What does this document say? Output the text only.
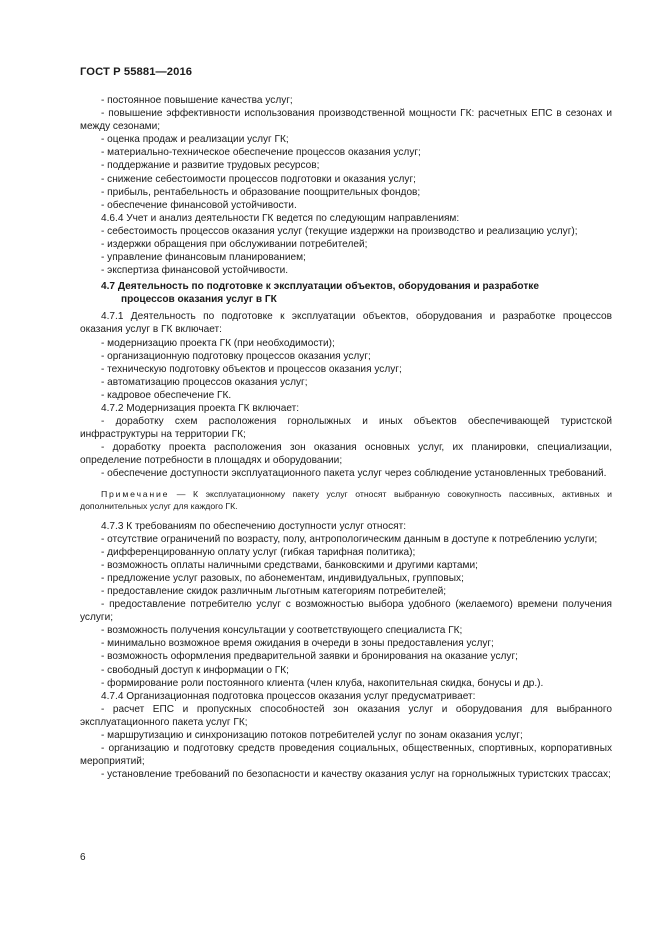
ГОСТ Р 55881—2016

- постоянное повышение качества услуг;

- повышение эффективности использования производственной мощности ГК: расчетных ЕПС в сезонах и между сезонами;

- оценка продаж и реализации услуг ГК;

- материально-техническое обеспечение процессов оказания услуг;

- поддержание и развитие трудовых ресурсов;

- снижение себестоимости процессов подготовки и оказания услуг;

- прибыль, рентабельность и образование поощрительных фондов;

- обеспечение финансовой устойчивости.

4.6.4 Учет и анализ деятельности ГК ведется по следующим направлениям:

- себестоимость процессов оказания услуг (текущие издержки на производство и реализацию услуг);

- издержки обращения при обслуживании потребителей;

- управление финансовым планированием;

- экспертиза финансовой устойчивости.

4.7 Деятельность по подготовке к эксплуатации объектов, оборудования и разработке
процессов оказания услуг в ГК

4.7.1 Деятельность по подготовке к эксплуатации объектов, оборудования и разработке процессов оказания услуг в ГК включает:

- модернизацию проекта ГК (при необходимости);

- организационную подготовку процессов оказания услуг;

- техническую подготовку объектов и процессов оказания услуг;

- автоматизацию процессов оказания услуг;

- кадровое обеспечение ГК.

4.7.2 Модернизация проекта ГК включает:

- доработку схем расположения горнолыжных и иных объектов обеспечивающей туристской инфраструктуры на территории ГК;

- доработку проекта расположения зон оказания основных услуг, их планировки, специализации, определение потребности в площадях и оборудовании;

- обеспечение доступности эксплуатационного пакета услуг через соблюдение установленных требований.

Примечание — К эксплуатационному пакету услуг относят выбранную совокупность пассивных, активных и дополнительных услуг для каждого ГК.

4.7.3 К требованиям по обеспечению доступности услуг относят:

- отсутствие ограничений по возрасту, полу, антропологическим данным в доступе к потреблению услуги;

- дифференцированную оплату услуг (гибкая тарифная политика);

- возможность оплаты наличными средствами, банковскими и другими картами;

- предложение услуг разовых, по абонементам, индивидуальных, групповых;

- предоставление скидок различным льготным категориям потребителей;

- предоставление потребителю услуг с возможностью выбора удобного (желаемого) времени получения услуги;

- возможность получения консультации у соответствующего специалиста ГК;

- минимально возможное время ожидания в очереди в зоны предоставления услуг;

- возможность оформления предварительной заявки и бронирования на оказание услуг;

- свободный доступ к информации о ГК;

- формирование роли постоянного клиента (член клуба, накопительная скидка, бонусы и др.).

4.7.4 Организационная подготовка процессов оказания услуг предусматривает:

- расчет ЕПС и пропускных способностей зон оказания услуг и оборудования для выбранного эксплуатационного пакета услуг ГК;

- маршрутизацию и синхронизацию потоков потребителей услуг по зонам оказания услуг;

- организацию и подготовку средств проведения социальных, общественных, спортивных, корпоративных мероприятий;

- установление требований по безопасности и качеству оказания услуг на горнолыжных туристских трассах;

6
